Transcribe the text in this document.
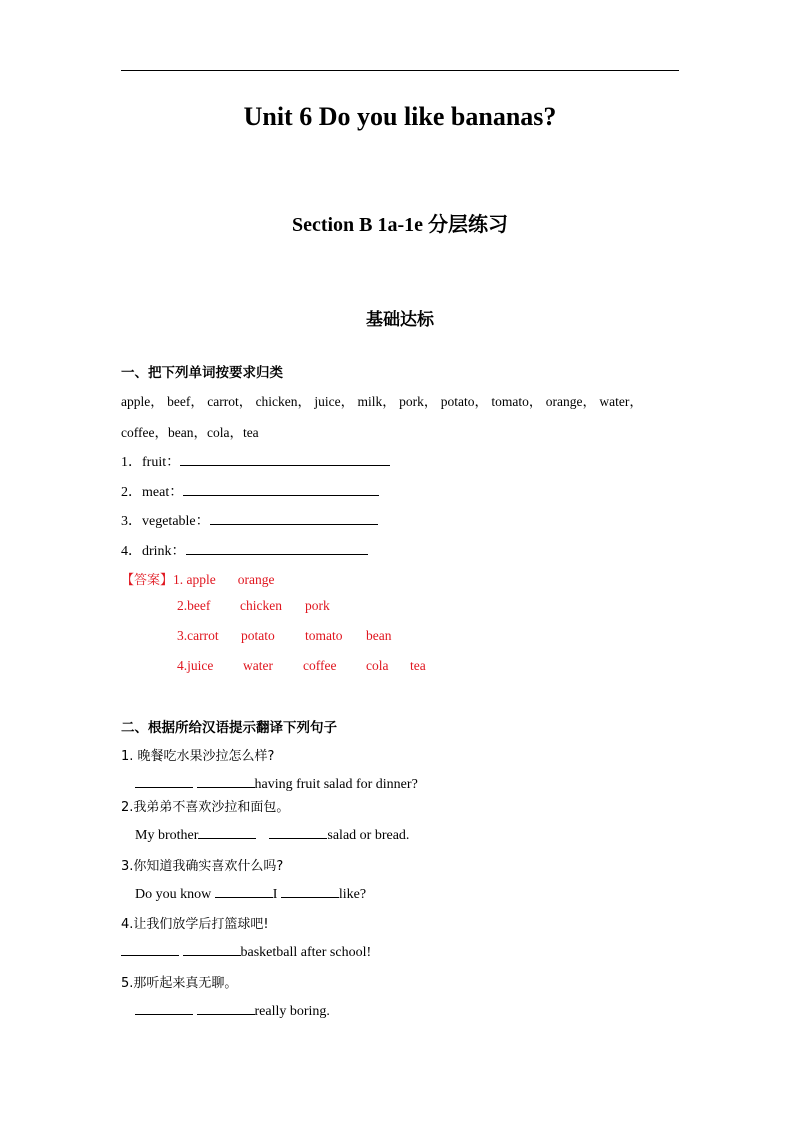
Unit 6 Do you like bananas?
Section B 1a-1e 分层练习
基础达标
一、把下列单词按要求归类
apple， beef， carrot， chicken， juice， milk， pork， potato， tomato， orange， water，
coffee，bean，cola，tea
1．fruit：
2．meat：
3．vegetable：
4．drink：
【答案】1. apple orange
2.beef chicken pork
3.carrot potato tomato bean
4.juice water coffee cola tea
二、根据所给汉语提示翻译下列句子
1. 晚餐吃水果沙拉怎么样?
having fruit salad for dinner?
2.我弟弟不喜欢沙拉和面包。
My brother	salad or bread.
3.你知道我确实喜欢什么吗?
Do you know	I	like?
4.让我们放学后打篮球吧!
basketball after school!
5.那听起来真无聊。
really boring.
